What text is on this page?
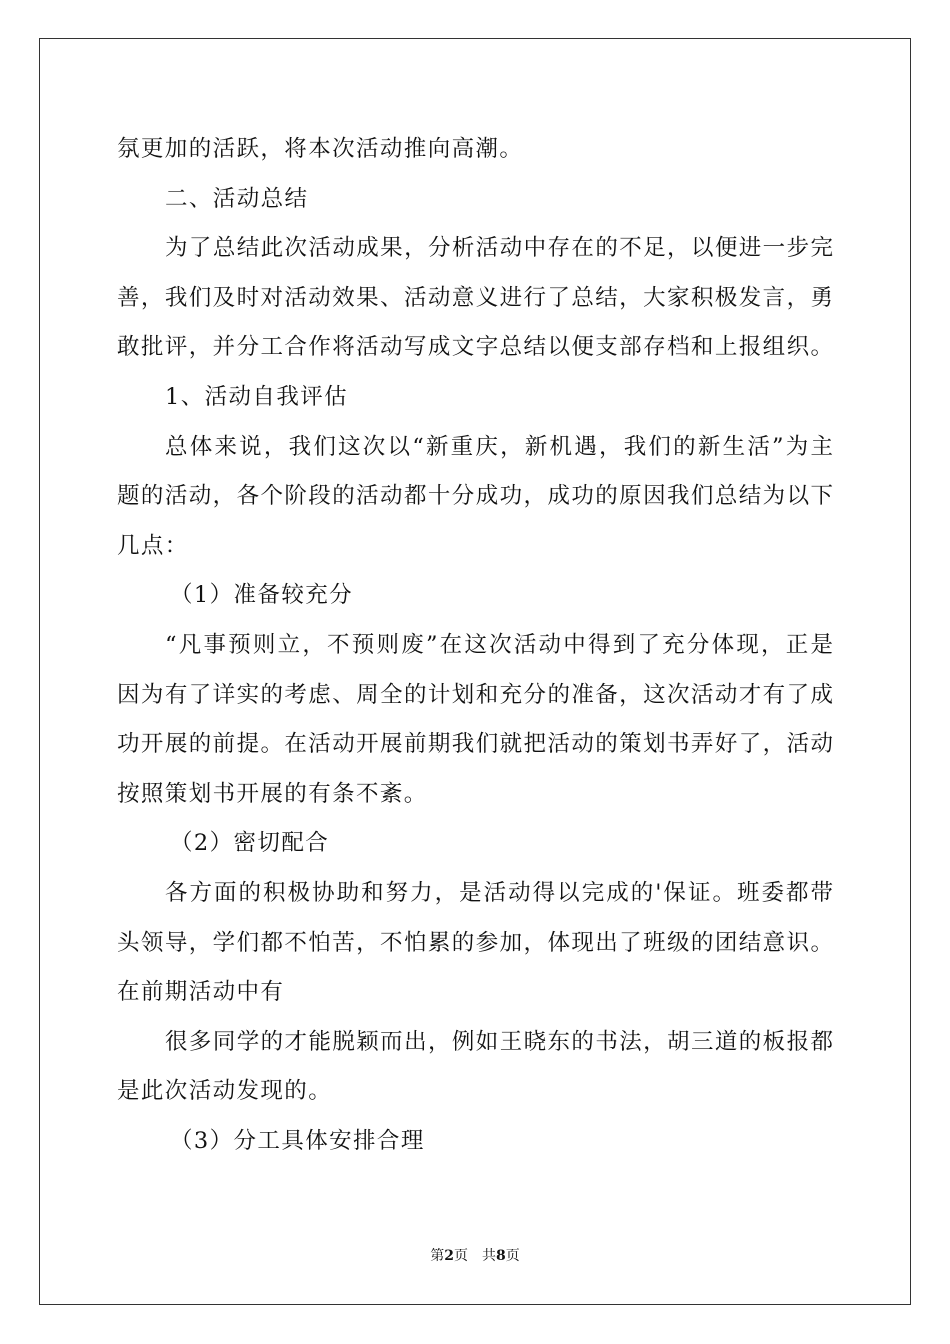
氛更加的活跃，将本次活动推向高潮。
二、活动总结
为了总结此次活动成果，分析活动中存在的不足，以便进一步完
善，我们及时对活动效果、活动意义进行了总结，大家积极发言，勇
敢批评，并分工合作将活动写成文字总结以便支部存档和上报组织。
1、活动自我评估
总体来说，我们这次以“新重庆，新机遇，我们的新生活”为主
题的活动，各个阶段的活动都十分成功，成功的原因我们总结为以下
几点：
（1）准备较充分
“凡事预则立，不预则废”在这次活动中得到了充分体现，正是
因为有了详实的考虑、周全的计划和充分的准备，这次活动才有了成
功开展的前提。在活动开展前期我们就把活动的策划书弄好了，活动
按照策划书开展的有条不紊。
（2）密切配合
各方面的积极协助和努力，是活动得以完成的'保证。班委都带
头领导，学们都不怕苦，不怕累的参加，体现出了班级的团结意识。
在前期活动中有
很多同学的才能脱颖而出，例如王晓东的书法，胡三道的板报都
是此次活动发现的。
（3）分工具体安排合理
第2页 共8页
